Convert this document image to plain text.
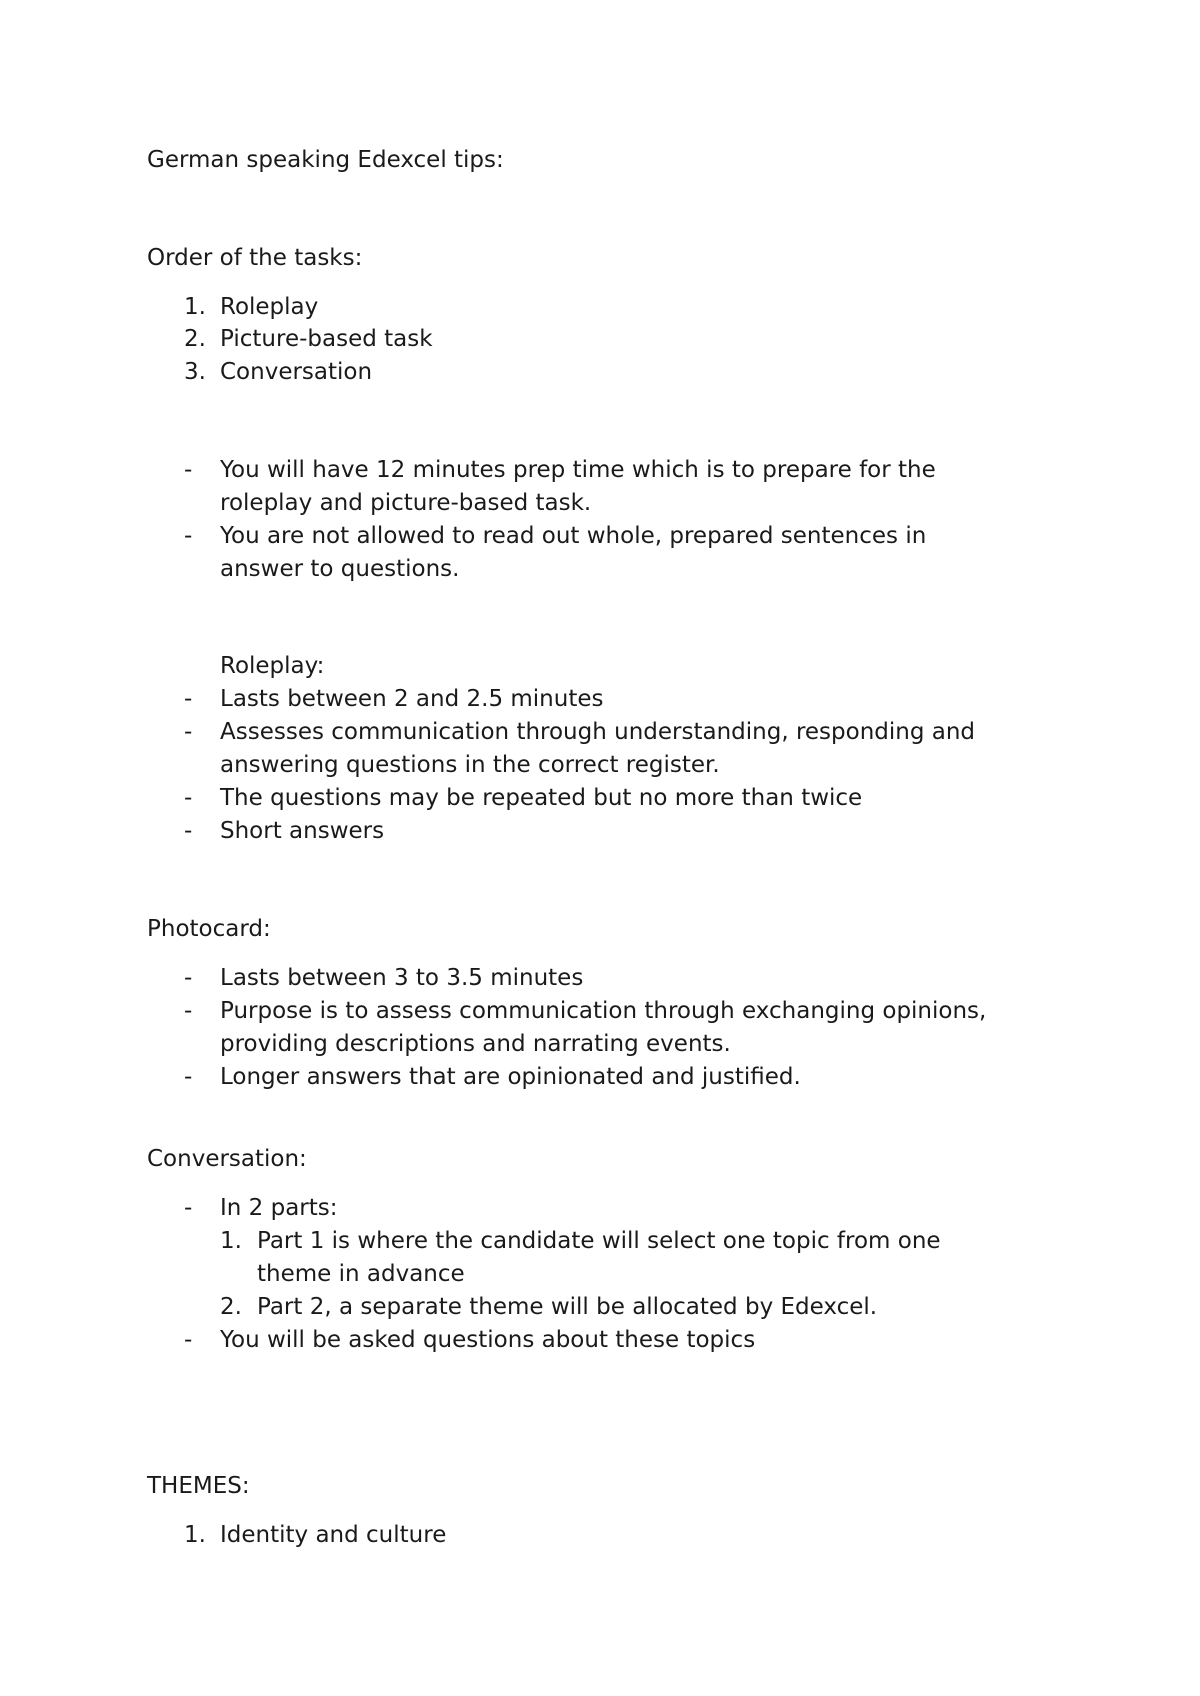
German speaking Edexcel tips:
Order of the tasks:
1. Roleplay
2. Picture-based task
3. Conversation
- You will have 12 minutes prep time which is to prepare for the
roleplay and picture-based task.
- You are not allowed to read out whole, prepared sentences in
answer to questions.
Roleplay:
- Lasts between 2 and 2.5 minutes
- Assesses communication through understanding, responding and
answering questions in the correct register.
- The questions may be repeated but no more than twice
- Short answers
Photocard:
- Lasts between 3 to 3.5 minutes
- Purpose is to assess communication through exchanging opinions,
providing descriptions and narrating events.
- Longer answers that are opinionated and justified.
Conversation:
- In 2 parts:
1. Part 1 is where the candidate will select one topic from one
theme in advance
2. Part 2, a separate theme will be allocated by Edexcel.
- You will be asked questions about these topics
THEMES:
1. Identity and culture
